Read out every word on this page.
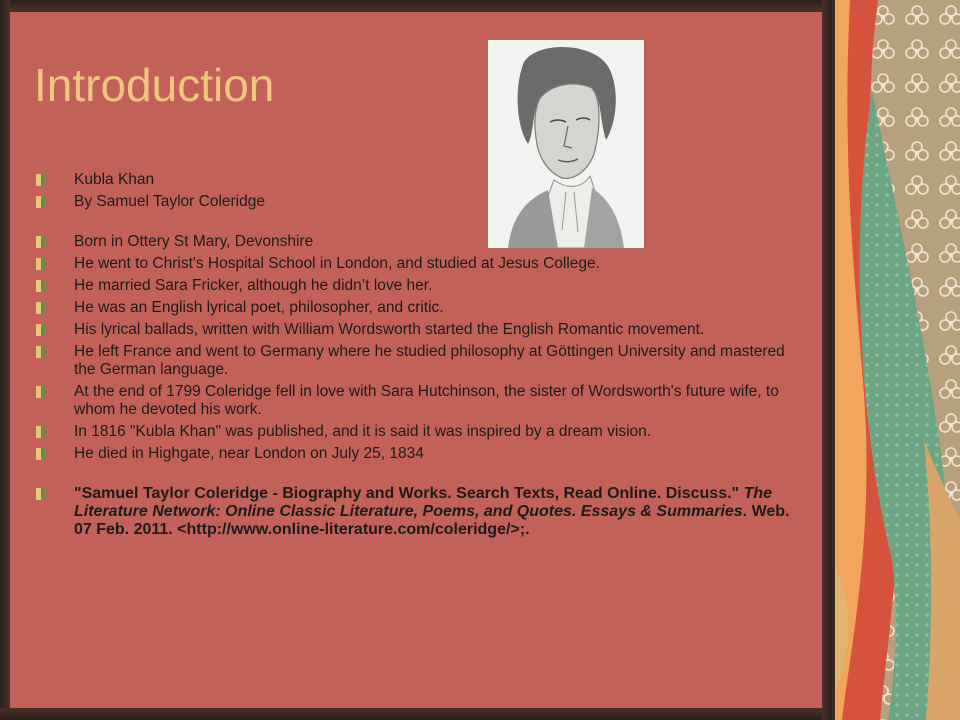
Introduction
Kubla Khan
By Samuel Taylor Coleridge
Born in Ottery St Mary, Devonshire
He went to Christ's Hospital School in London, and studied at Jesus College.
He married Sara Fricker, although he didn’t love her.
He was an English lyrical poet, philosopher, and critic.
His lyrical ballads, written with William Wordsworth started the English Romantic movement.
He left France and went to Germany where he studied philosophy at Göttingen University and mastered the German language.
At the end of 1799 Coleridge fell in love with Sara Hutchinson, the sister of Wordsworth's future wife, to whom he devoted his work.
In 1816 "Kubla Khan" was published, and it is said it was inspired by a dream vision.
He died in Highgate, near London on July 25, 1834
"Samuel Taylor Coleridge - Biography and Works. Search Texts, Read Online. Discuss." The Literature Network: Online Classic Literature, Poems, and Quotes. Essays & Summaries. Web. 07 Feb. 2011. <http://www.online-literature.com/coleridge/>;.
